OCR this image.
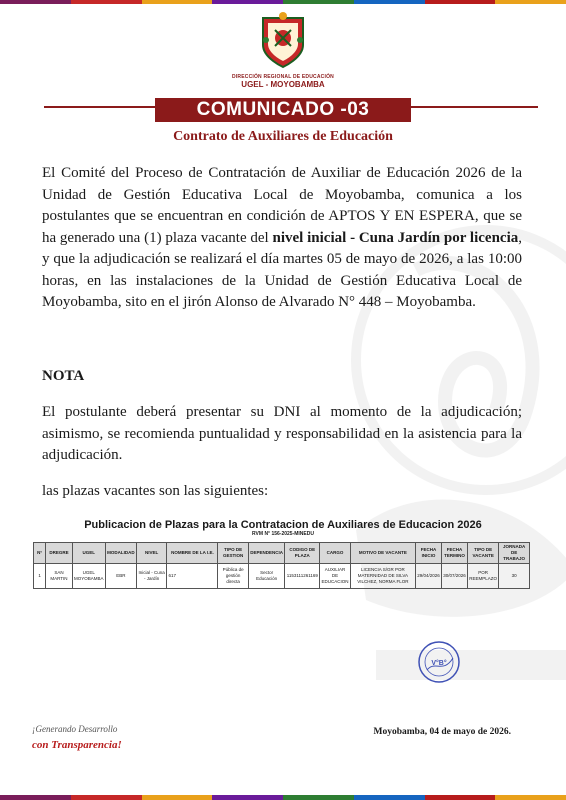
DIRECCIÓN REGIONAL DE EDUCACIÓN
UGEL - MOYOBAMBA
COMUNICADO -03
Contrato de Auxiliares de Educación
El Comité del Proceso de Contratación de Auxiliar de Educación 2026 de la Unidad de Gestión Educativa Local de Moyobamba, comunica a los postulantes que se encuentran en condición de APTOS Y EN ESPERA, que se ha generado una (1) plaza vacante del nivel inicial - Cuna Jardín por licencia, y que la adjudicación se realizará el día martes 05 de mayo de 2026, a las 10:00 horas, en las instalaciones de la Unidad de Gestión Educativa Local de Moyobamba, sito en el jirón Alonso de Alvarado N° 448 – Moyobamba.
NOTA
El postulante deberá presentar su DNI al momento de la adjudicación; asimismo, se recomienda puntualidad y responsabilidad en la asistencia para la adjudicación.
las plazas vacantes son las siguientes:
Publicacion de Plazas para la Contratacion de Auxiliares de Educacion 2026
RVM N° 156-2025-MINEDU
N°	DREGRE	UGEL	MODALIDAD	NIVEL	NOMBRE DE LA I.E.	TIPO DE GESTION	DEPENDENCIA	CODIGO DE PLAZA	CARGO	MOTIVO DE VACANTE	FECHA INICIO	FECHA TERMINO	TIPO DE VACANTE	JORNADA DE TRABAJO
1	SAN MARTIN	UGEL MOYOBAMBA	EBR	Inicial - Cuna - Jardín	617	Pública de gestión directa	Sector Educación	1153111261169	AUXILIAR DE EDUCACION	LICENCIA S/GR POR MATERNIDAD DE SILVA VILCHEZ, NORMA FLOR	29/04/2026	30/07/2026	POR REEMPLAZO	30
V°B°
¡Generando Desarrollo
con Transparencia!
Moyobamba, 04 de mayo de 2026.
